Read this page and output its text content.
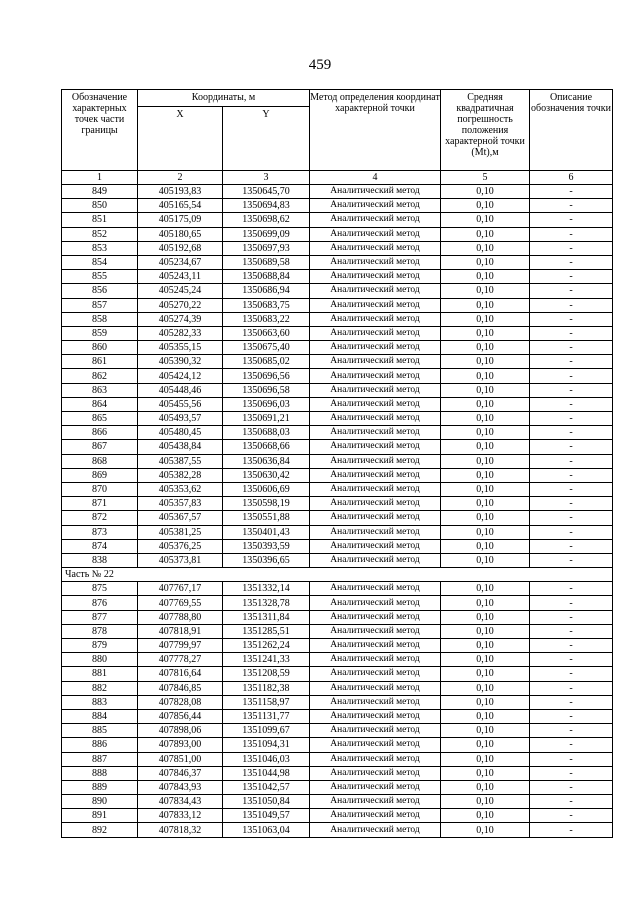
459
Обозначение характерных точек части границы	Координаты, м		Метод определения координат характерной точки	Средняя квадратичная погрешность положения характерной точки (Mt),м	Описание обозначения точки
	X	Y			
1	2	3	4	5	6
849	405193,83	1350645,70	Аналитический метод	0,10	-
850	405165,54	1350694,83	Аналитический метод	0,10	-
851	405175,09	1350698,62	Аналитический метод	0,10	-
852	405180,65	1350699,09	Аналитический метод	0,10	-
853	405192,68	1350697,93	Аналитический метод	0,10	-
854	405234,67	1350689,58	Аналитический метод	0,10	-
855	405243,11	1350688,84	Аналитический метод	0,10	-
856	405245,24	1350686,94	Аналитический метод	0,10	-
857	405270,22	1350683,75	Аналитический метод	0,10	-
858	405274,39	1350683,22	Аналитический метод	0,10	-
859	405282,33	1350663,60	Аналитический метод	0,10	-
860	405355,15	1350675,40	Аналитический метод	0,10	-
861	405390,32	1350685,02	Аналитический метод	0,10	-
862	405424,12	1350696,56	Аналитический метод	0,10	-
863	405448,46	1350696,58	Аналитический метод	0,10	-
864	405455,56	1350696,03	Аналитический метод	0,10	-
865	405493,57	1350691,21	Аналитический метод	0,10	-
866	405480,45	1350688,03	Аналитический метод	0,10	-
867	405438,84	1350668,66	Аналитический метод	0,10	-
868	405387,55	1350636,84	Аналитический метод	0,10	-
869	405382,28	1350630,42	Аналитический метод	0,10	-
870	405353,62	1350606,69	Аналитический метод	0,10	-
871	405357,83	1350598,19	Аналитический метод	0,10	-
872	405367,57	1350551,88	Аналитический метод	0,10	-
873	405381,25	1350401,43	Аналитический метод	0,10	-
874	405376,25	1350393,59	Аналитический метод	0,10	-
838	405373,81	1350396,65	Аналитический метод	0,10	-
Часть № 22					
875	407767,17	1351332,14	Аналитический метод	0,10	-
876	407769,55	1351328,78	Аналитический метод	0,10	-
877	407788,80	1351311,84	Аналитический метод	0,10	-
878	407818,91	1351285,51	Аналитический метод	0,10	-
879	407799,97	1351262,24	Аналитический метод	0,10	-
880	407778,27	1351241,33	Аналитический метод	0,10	-
881	407816,64	1351208,59	Аналитический метод	0,10	-
882	407846,85	1351182,38	Аналитический метод	0,10	-
883	407828,08	1351158,97	Аналитический метод	0,10	-
884	407856,44	1351131,77	Аналитический метод	0,10	-
885	407898,06	1351099,67	Аналитический метод	0,10	-
886	407893,00	1351094,31	Аналитический метод	0,10	-
887	407851,00	1351046,03	Аналитический метод	0,10	-
888	407846,37	1351044,98	Аналитический метод	0,10	-
889	407843,93	1351042,57	Аналитический метод	0,10	-
890	407834,43	1351050,84	Аналитический метод	0,10	-
891	407833,12	1351049,57	Аналитический метод	0,10	-
892	407818,32	1351063,04	Аналитический метод	0,10	-
